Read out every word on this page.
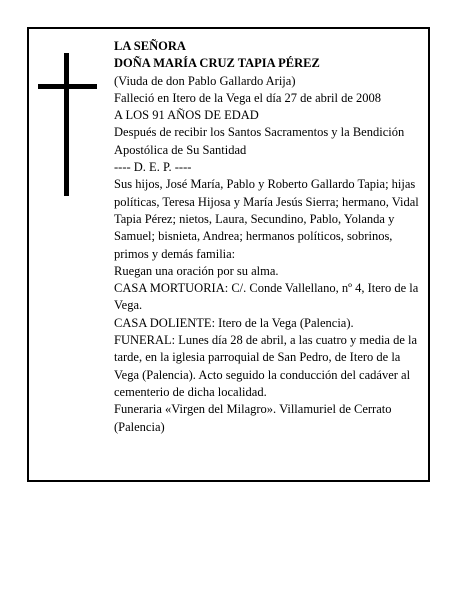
LA SEÑORA
DOÑA MARÍA CRUZ TAPIA PÉREZ
(Viuda de don Pablo Gallardo Arija)
Falleció en Itero de la Vega el día 27 de abril de 2008
A LOS 91 AÑOS DE EDAD
Después de recibir los Santos Sacramentos y la Bendición Apostólica de Su Santidad
---- D. E. P. ----
Sus hijos, José María, Pablo y Roberto Gallardo Tapia; hijas políticas, Teresa Hijosa y María Jesús Sierra; hermano, Vidal Tapia Pérez; nietos, Laura, Secundino, Pablo, Yolanda y Samuel; bisnieta, Andrea; hermanos políticos, sobrinos, primos y demás familia:
Ruegan una oración por su alma.
CASA MORTUORIA: C/. Conde Vallellano, nº 4, Itero de la Vega.
CASA DOLIENTE: Itero de la Vega (Palencia).
FUNERAL: Lunes día 28 de abril, a las cuatro y media de la tarde, en la iglesia parroquial de San Pedro, de Itero de la Vega (Palencia). Acto seguido la conducción del cadáver al cementerio de dicha localidad.
Funeraria «Virgen del Milagro». Villamuriel de Cerrato (Palencia)
